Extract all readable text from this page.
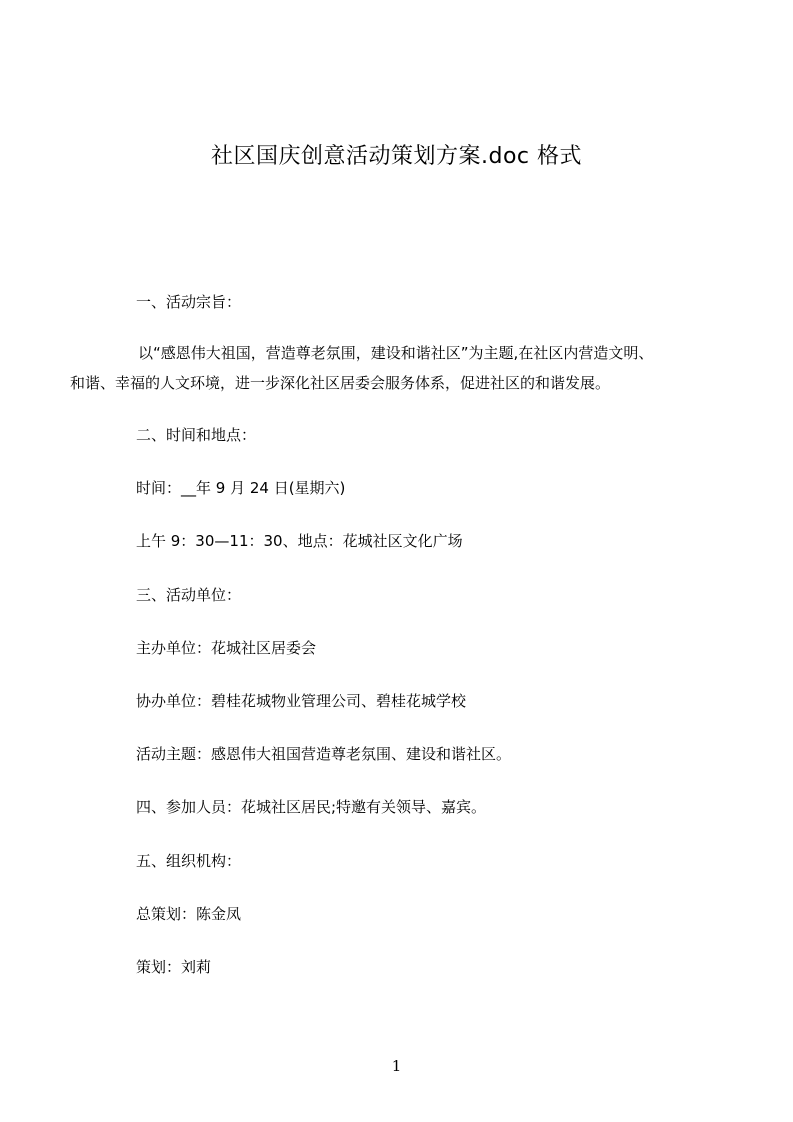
社区国庆创意活动策划方案.doc 格式
一、活动宗旨：
以“感恩伟大祖国，营造尊老氛围，建设和谐社区”为主题,在社区内营造文明、
和谐、幸福的人文环境，进一步深化社区居委会服务体系，促进社区的和谐发展。
二、时间和地点：
时间：__年 9 月 24 日(星期六)
上午 9：30—11：30、地点：花城社区文化广场
三、活动单位：
主办单位：花城社区居委会
协办单位：碧桂花城物业管理公司、碧桂花城学校
活动主题：感恩伟大祖国营造尊老氛围、建设和谐社区。
四、参加人员：花城社区居民;特邀有关领导、嘉宾。
五、组织机构：
总策划：陈金凤
策划：刘莉
1
